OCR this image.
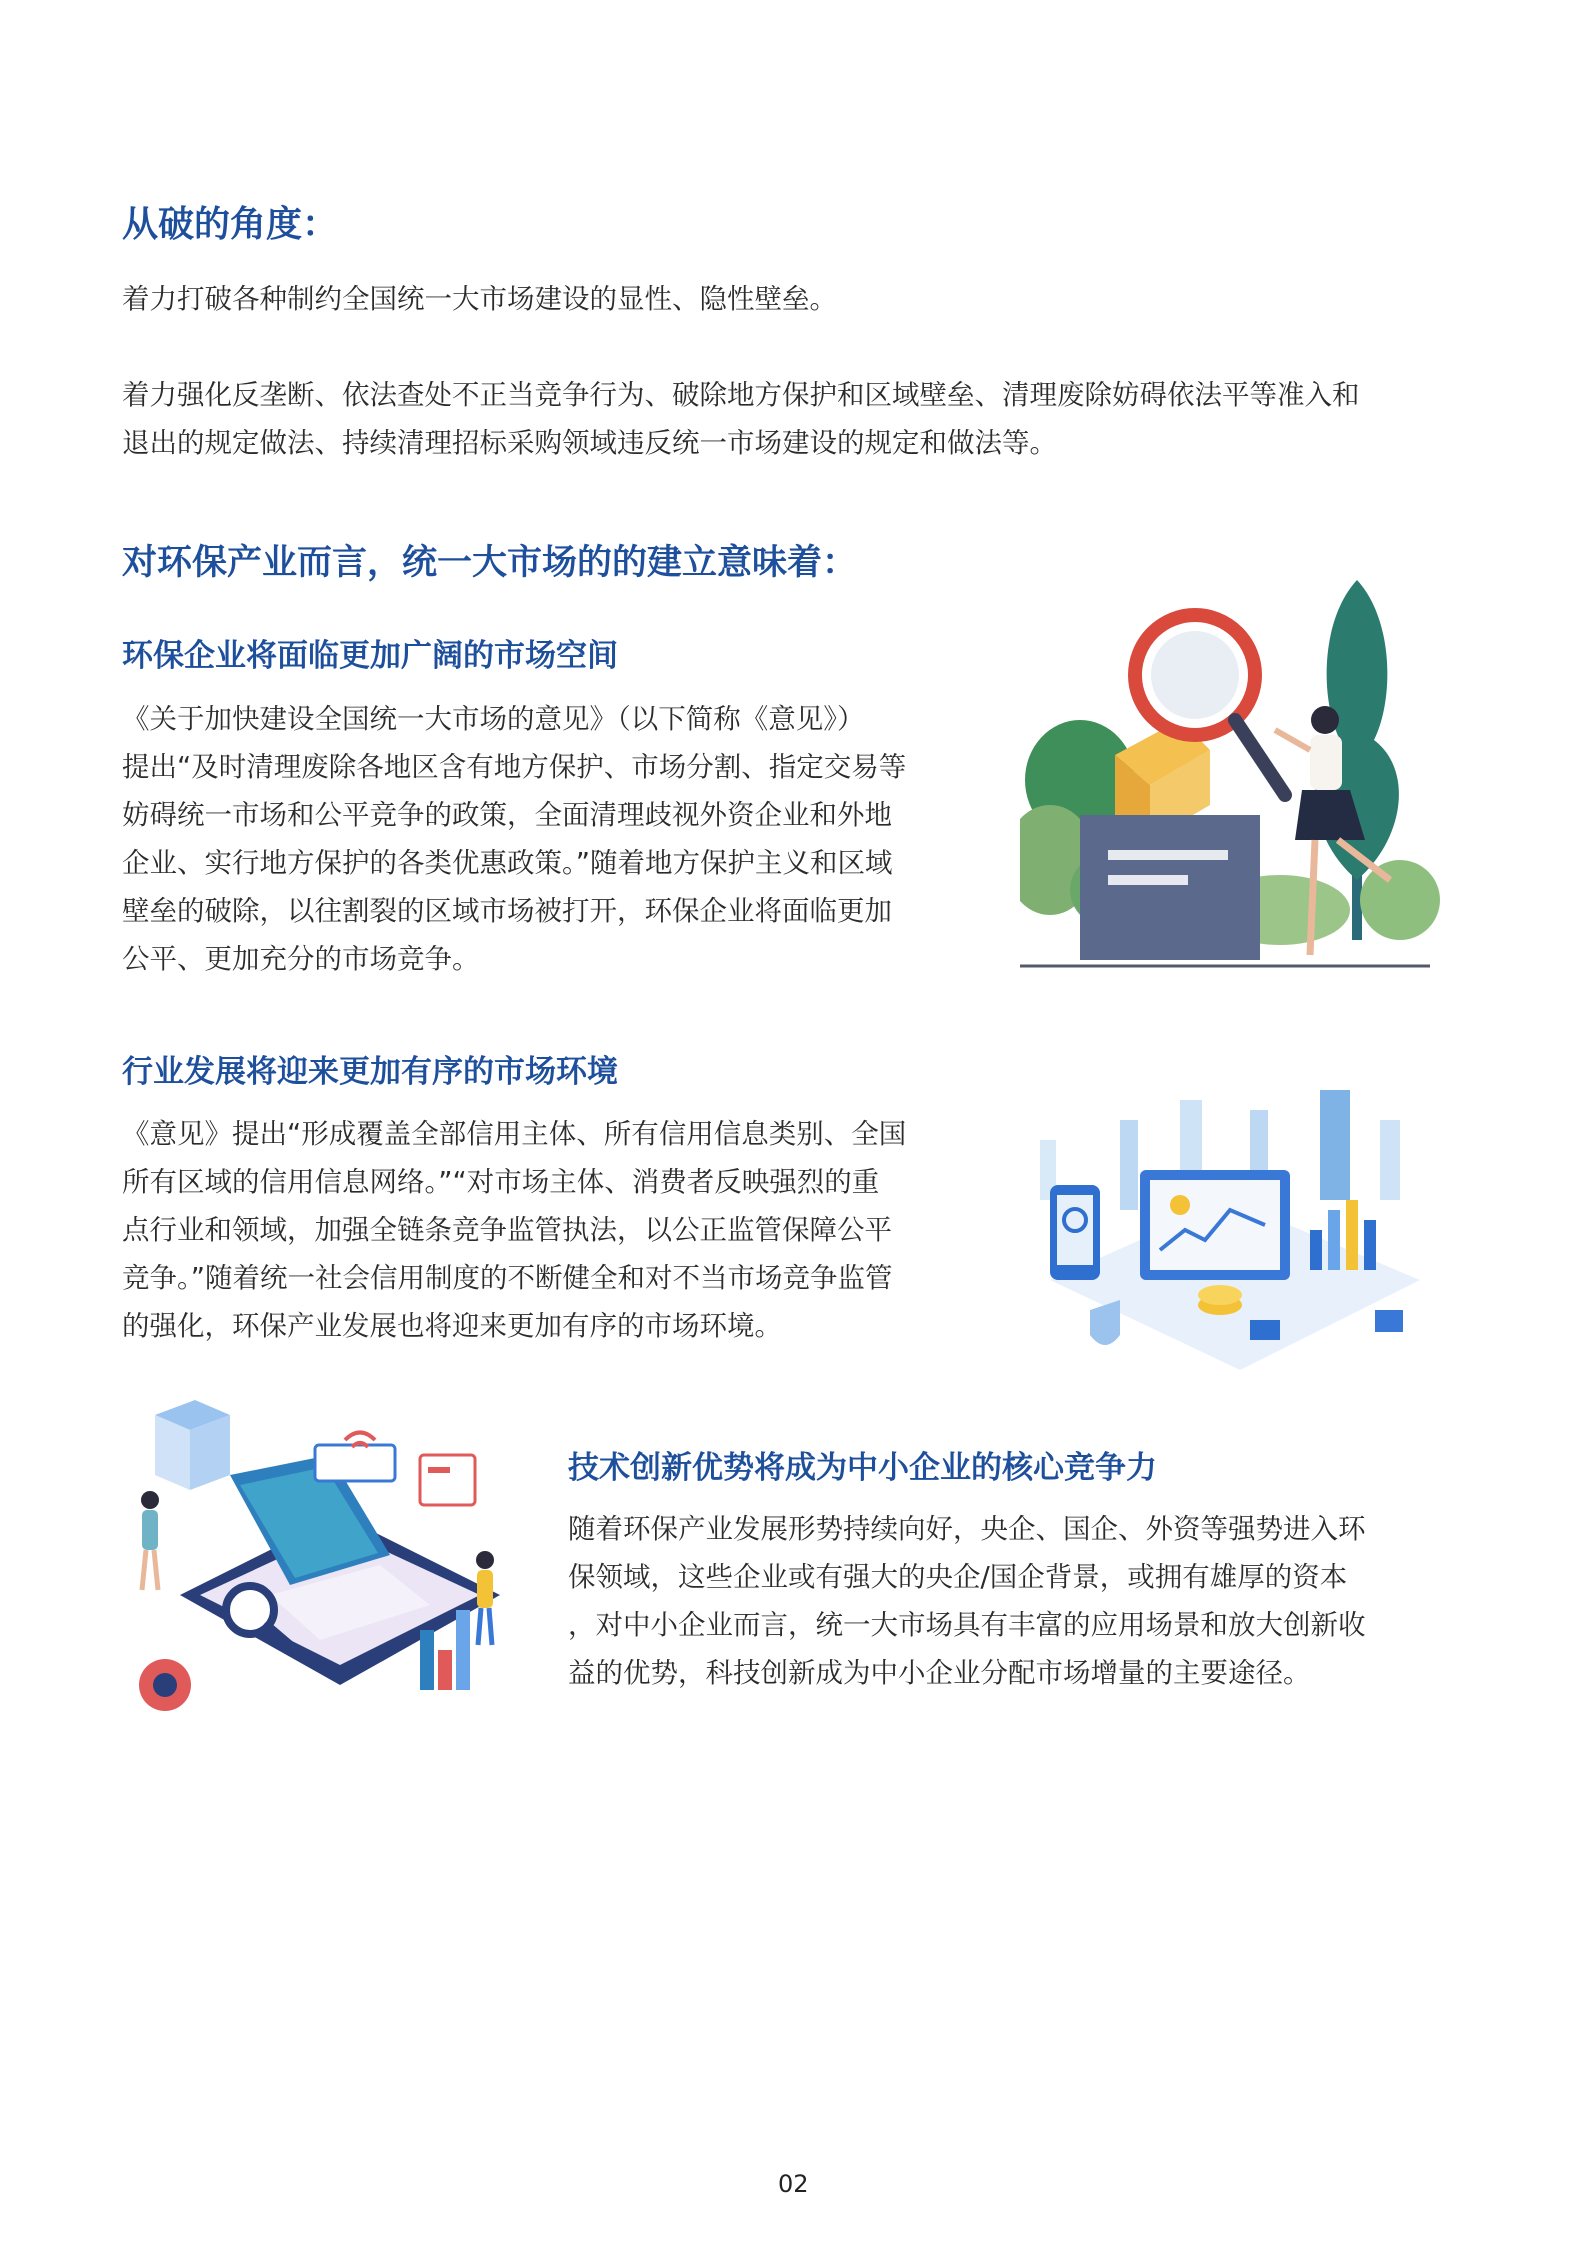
从破的角度：
着力打破各种制约全国统一大市场建设的显性、隐性壁垒。
着力强化反垄断、依法查处不正当竞争行为、破除地方保护和区域壁垒、清理废除妨碍依法平等准入和
退出的规定做法、持续清理招标采购领域违反统一市场建设的规定和做法等。
对环保产业而言，统一大市场的的建立意味着：
环保企业将面临更加广阔的市场空间
《关于加快建设全国统一大市场的意见》（以下简称《意见》）
提出“及时清理废除各地区含有地方保护、市场分割、指定交易等
妨碍统一市场和公平竞争的政策，全面清理歧视外资企业和外地
企业、实行地方保护的各类优惠政策。”随着地方保护主义和区域
壁垒的破除，以往割裂的区域市场被打开，环保企业将面临更加
公平、更加充分的市场竞争。
行业发展将迎来更加有序的市场环境
《意见》提出“形成覆盖全部信用主体、所有信用信息类别、全国
所有区域的信用信息网络。”“对市场主体、消费者反映强烈的重
点行业和领域，加强全链条竞争监管执法，以公正监管保障公平
竞争。”随着统一社会信用制度的不断健全和对不当市场竞争监管
的强化，环保产业发展也将迎来更加有序的市场环境。
技术创新优势将成为中小企业的核心竞争力
随着环保产业发展形势持续向好，央企、国企、外资等强势进入环
保领域，这些企业或有强大的央企/国企背景，或拥有雄厚的资本
，对中小企业而言，统一大市场具有丰富的应用场景和放大创新收
益的优势，科技创新成为中小企业分配市场增量的主要途径。
02
